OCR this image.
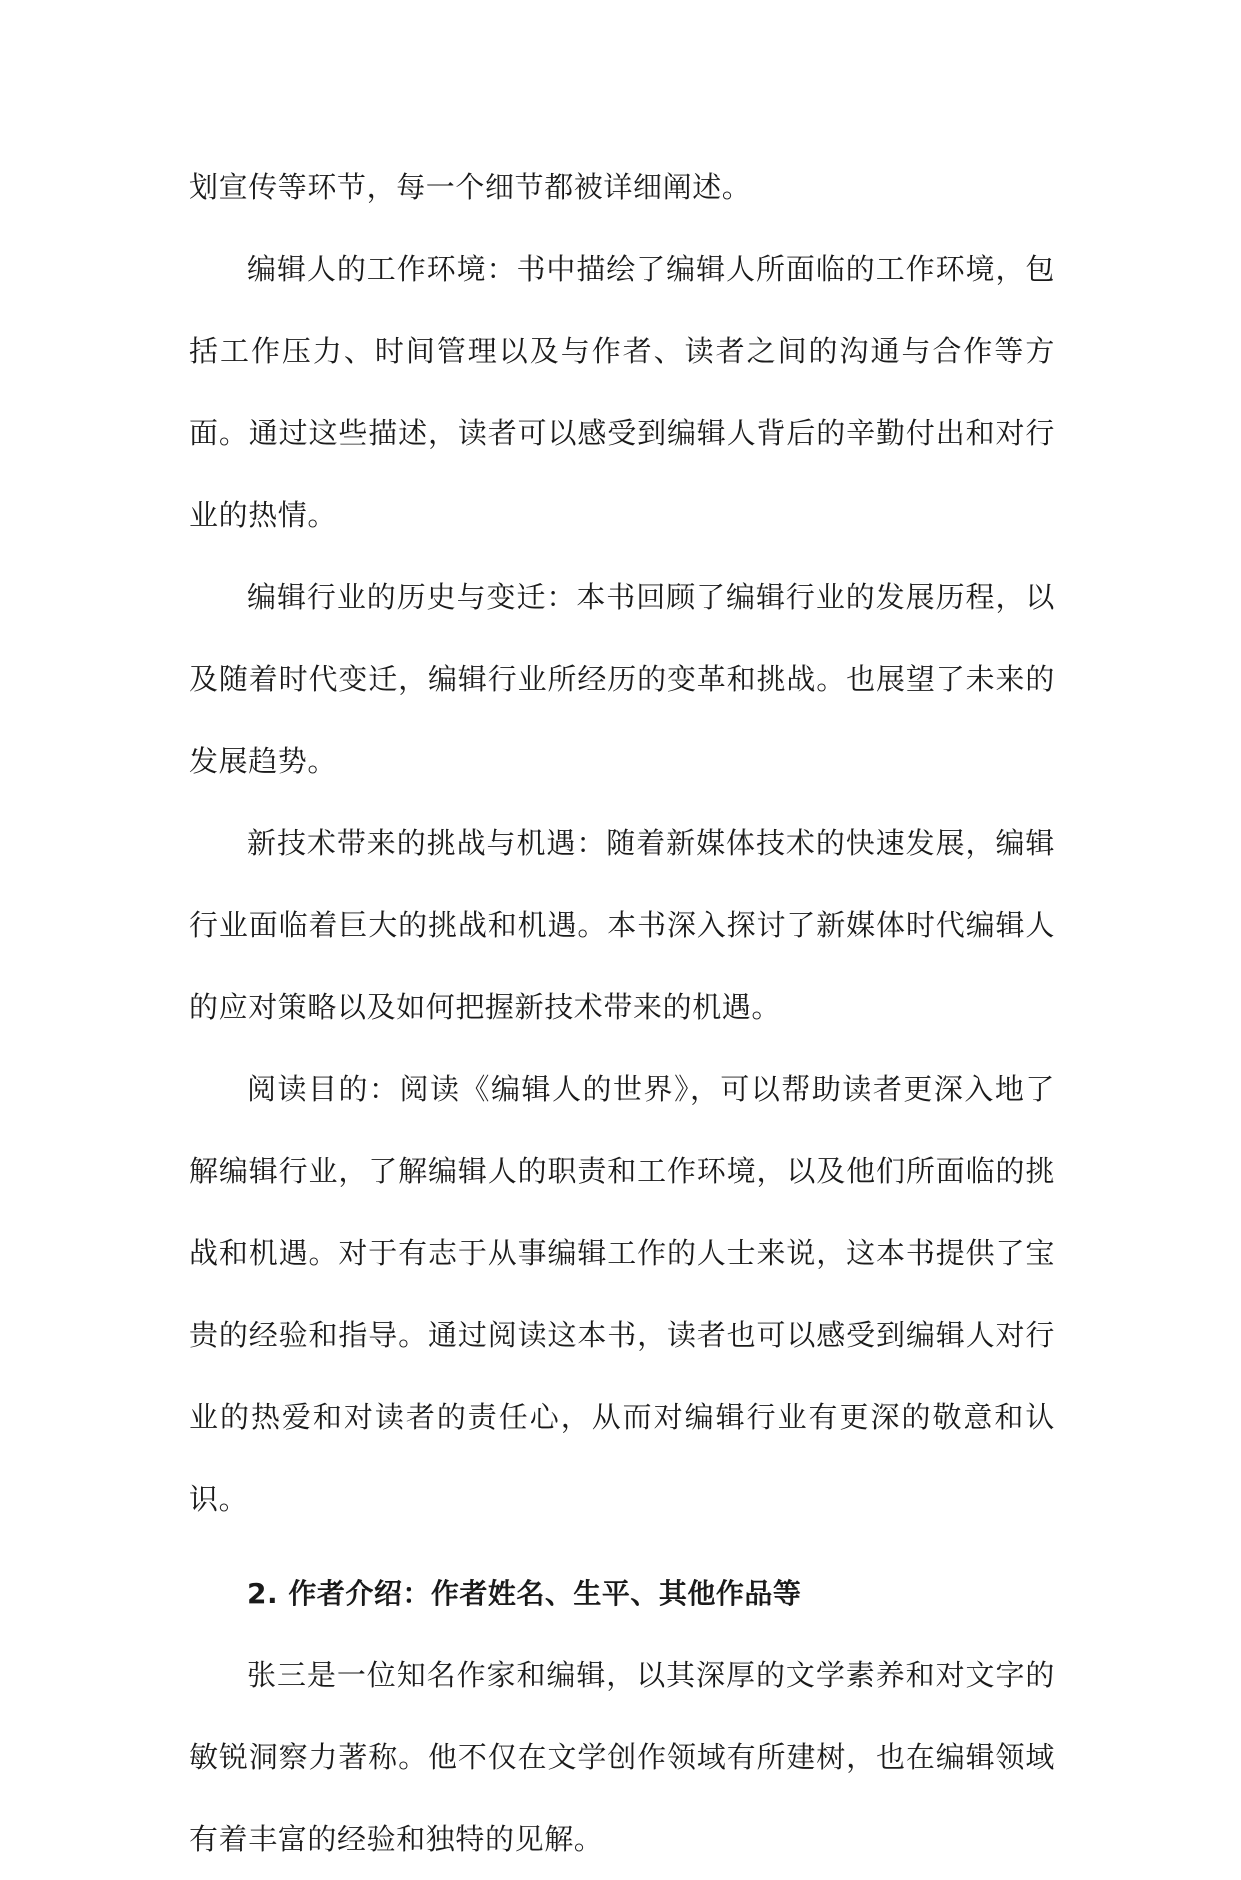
划宣传等环节，每一个细节都被详细阐述。

编辑人的工作环境：书中描绘了编辑人所面临的工作环境，包括工作压力、时间管理以及与作者、读者之间的沟通与合作等方面。通过这些描述，读者可以感受到编辑人背后的辛勤付出和对行业的热情。

编辑行业的历史与变迁：本书回顾了编辑行业的发展历程，以及随着时代变迁，编辑行业所经历的变革和挑战。也展望了未来的发展趋势。

新技术带来的挑战与机遇：随着新媒体技术的快速发展，编辑行业面临着巨大的挑战和机遇。本书深入探讨了新媒体时代编辑人的应对策略以及如何把握新技术带来的机遇。

阅读目的：阅读《编辑人的世界》，可以帮助读者更深入地了解编辑行业，了解编辑人的职责和工作环境，以及他们所面临的挑战和机遇。对于有志于从事编辑工作的人士来说，这本书提供了宝贵的经验和指导。通过阅读这本书，读者也可以感受到编辑人对行业的热爱和对读者的责任心，从而对编辑行业有更深的敬意和认识。

2. 作者介绍：作者姓名、生平、其他作品等

张三是一位知名作家和编辑，以其深厚的文学素养和对文字的敏锐洞察力著称。他不仅在文学创作领域有所建树，也在编辑领域有着丰富的经验和独特的见解。
